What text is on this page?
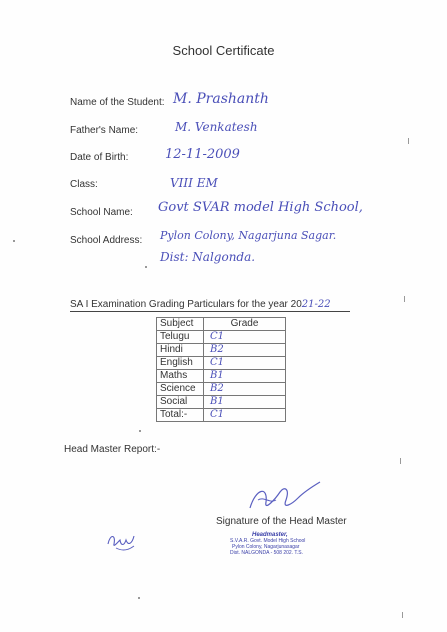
School Certificate
Name of the Student: M. Prashanth
Father's Name:	M. Venkatesh
Date of Birth:	12-11-2009
Class:	VIII EM
School Name: Govt SVAR model High School,
School Address: Pylon Colony, Nagarjuna Sagar.
Dist: Nalgonda.
SA I Examination Grading Particulars for the year 2021-22
Subject	Grade
Telugu	C1
Hindi	B2
English	C1
Maths	B1
Science	B2
Social	B1
Total:-	C1
Head Master Report:-
Signature of the Head Master
Headmaster,
S.V.A.R. Govt. Model High School
Pylon Colony, Nagarjunasagar
Dist. NALGONDA - 508 202. T.S.
